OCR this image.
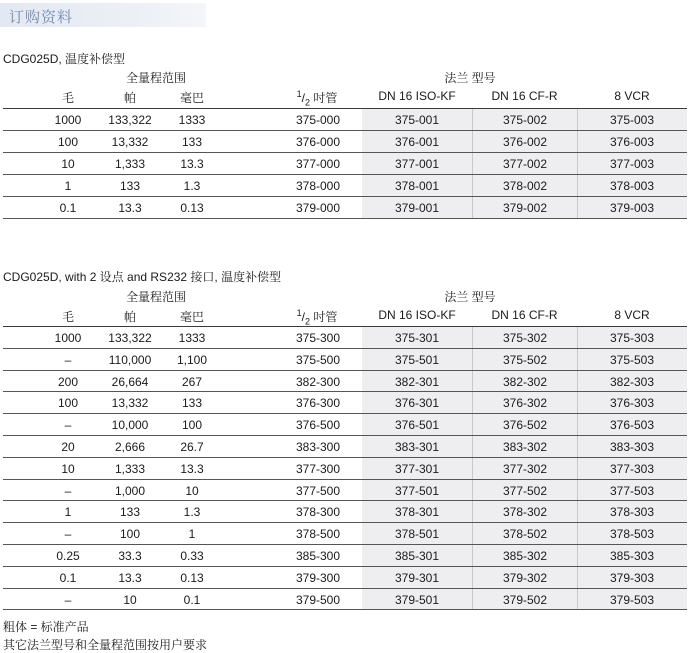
订购资料
CDG025D, 温度补偿型
全量程范围	法兰 型号
毛	帕	毫巴	$^1/_2$ 吋管	DN 16 ISO-KF	DN 16 CF-R	8 VCR
1000	133,322	1333	375-000	375-001	375-002	375-003
100	13,332	133	376-000	376-001	376-002	376-003
10	1,333	13.3	377-000	377-001	377-002	377-003
1	133	1.3	378-000	378-001	378-002	378-003
0.1	13.3	0.13	379-000	379-001	379-002	379-003
CDG025D, with 2 设点 and RS232 接口, 温度补偿型
全量程范围	法兰 型号
毛	帕	毫巴	$^1/_2$ 吋管	DN 16 ISO-KF	DN 16 CF-R	8 VCR
1000	133,322	1333	375-300	375-301	375-302	375-303
–	110,000	1,100	375-500	375-501	375-502	375-503
200	26,664	267	382-300	382-301	382-302	382-303
100	13,332	133	376-300	376-301	376-302	376-303
–	10,000	100	376-500	376-501	376-502	376-503
20	2,666	26.7	383-300	383-301	383-302	383-303
10	1,333	13.3	377-300	377-301	377-302	377-303
–	1,000	10	377-500	377-501	377-502	377-503
1	133	1.3	378-300	378-301	378-302	378-303
–	100	1	378-500	378-501	378-502	378-503
0.25	33.3	0.33	385-300	385-301	385-302	385-303
0.1	13.3	0.13	379-300	379-301	379-302	379-303
–	10	0.1	379-500	379-501	379-502	379-503
粗体 = 标准产品
其它法兰型号和全量程范围按用户要求
